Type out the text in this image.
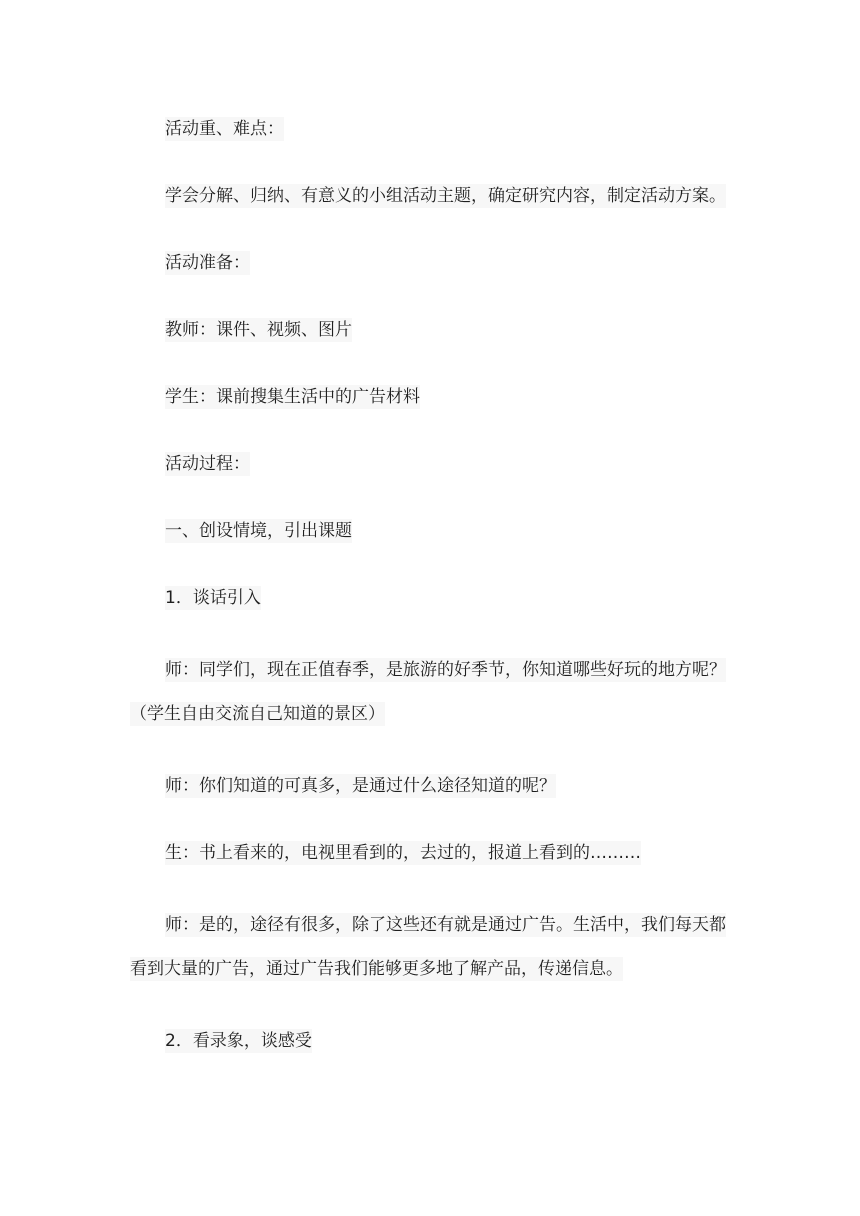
活动重、难点：

学会分解、归纳、有意义的小组活动主题，确定研究内容，制定活动方案。

活动准备：

教师：课件、视频、图片

学生：课前搜集生活中的广告材料

活动过程：

一、创设情境，引出课题

1．谈话引入

师：同学们，现在正值春季，是旅游的好季节，你知道哪些好玩的地方呢？（学生自由交流自己知道的景区）

师：你们知道的可真多，是通过什么途径知道的呢？

生：书上看来的，电视里看到的，去过的，报道上看到的………

师：是的，途径有很多，除了这些还有就是通过广告。生活中，我们每天都看到大量的广告，通过广告我们能够更多地了解产品，传递信息。

2．看录象，谈感受
